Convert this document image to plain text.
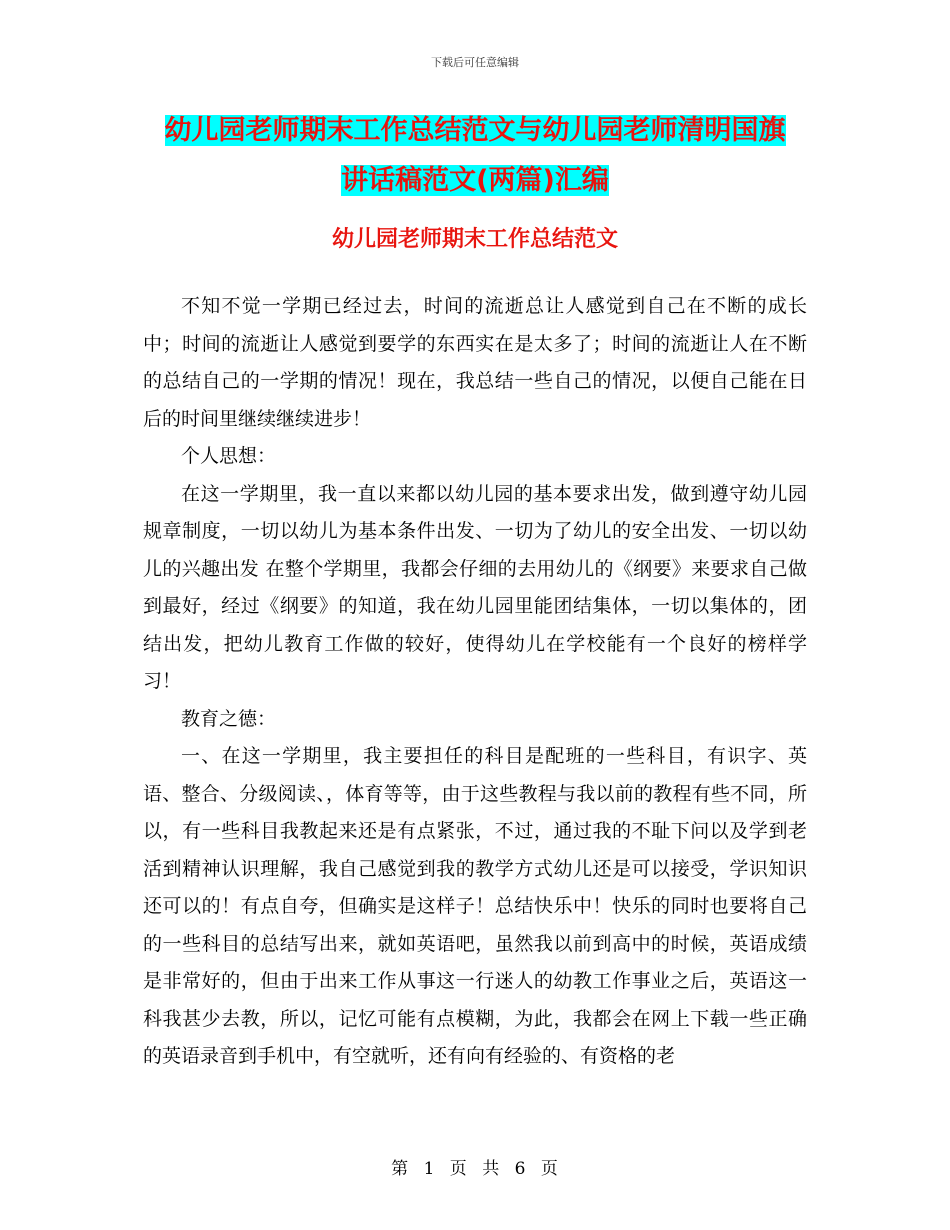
下载后可任意编辑
幼儿园老师期末工作总结范文与幼儿园老师清明国旗
讲话稿范文(两篇)汇编
幼儿园老师期末工作总结范文

不知不觉一学期已经过去，时间的流逝总让人感觉到自己在不断的成长中；时间的流逝让人感觉到要学的东西实在是太多了；时间的流逝让人在不断的总结自己的一学期的情况！现在，我总结一些自己的情况，以便自己能在日后的时间里继续继续进步！

个人思想：

在这一学期里，我一直以来都以幼儿园的基本要求出发，做到遵守幼儿园规章制度，一切以幼儿为基本条件出发、一切为了幼儿的安全出发、一切以幼儿的兴趣出发 在整个学期里，我都会仔细的去用幼儿的《纲要》来要求自己做到最好，经过《纲要》的知道，我在幼儿园里能团结集体，一切以集体的，团结出发，把幼儿教育工作做的较好，使得幼儿在学校能有一个良好的榜样学习！

教育之德：

一、在这一学期里，我主要担任的科目是配班的一些科目，有识字、英语、整合、分级阅读、，体育等等，由于这些教程与我以前的教程有些不同，所以，有一些科目我教起来还是有点紧张，不过，通过我的不耻下问以及学到老活到精神认识理解，我自己感觉到我的教学方式幼儿还是可以接受，学识知识还可以的！有点自夸，但确实是这样子！总结快乐中！快乐的同时也要将自己的一些科目的总结写出来，就如英语吧，虽然我以前到高中的时候，英语成绩是非常好的，但由于出来工作从事这一行迷人的幼教工作事业之后，英语这一科我甚少去教，所以，记忆可能有点模糊，为此，我都会在网上下载一些正确的英语录音到手机中，有空就听，还有向有经验的、有资格的老

第 1 页 共 6 页
